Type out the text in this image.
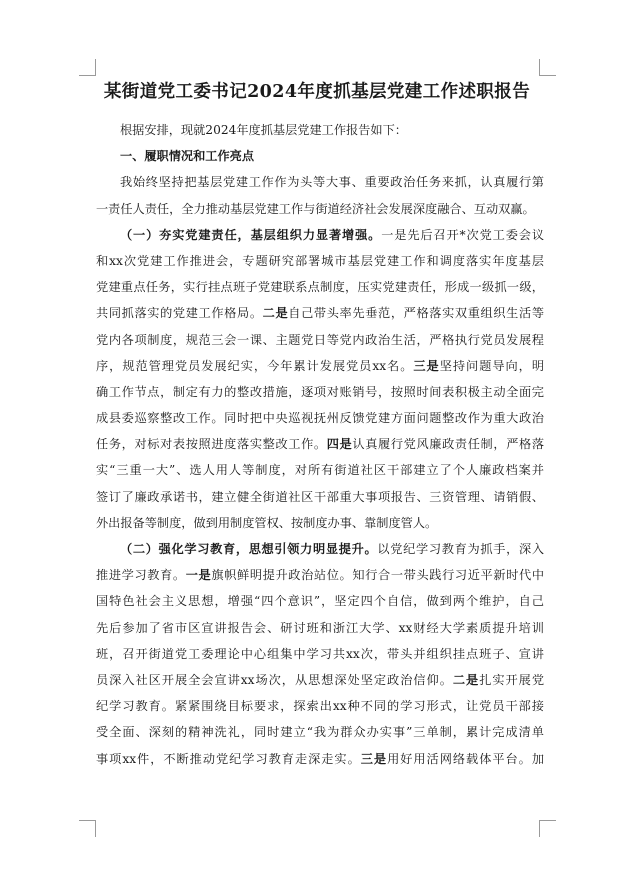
某街道党工委书记2024年度抓基层党建工作述职报告
根据安排，现就2024年度抓基层党建工作报告如下：
一、履职情况和工作亮点
我始终坚持把基层党建工作作为头等大事、重要政治任务来抓，认真履行第
一责任人责任，全力推动基层党建工作与街道经济社会发展深度融合、互动双赢。
（一）夯实党建责任，基层组织力显著增强。一是先后召开*次党工委会议
和xx次党建工作推进会，专题研究部署城市基层党建工作和调度落实年度基层
党建重点任务，实行挂点班子党建联系点制度，压实党建责任，形成一级抓一级，
共同抓落实的党建工作格局。二是自己带头率先垂范，严格落实双重组织生活等
党内各项制度，规范三会一课、主题党日等党内政治生活，严格执行党员发展程
序，规范管理党员发展纪实，今年累计发展党员xx名。三是坚持问题导向，明
确工作节点，制定有力的整改措施，逐项对账销号，按照时间表积极主动全面完
成县委巡察整改工作。同时把中央巡视抚州反馈党建方面问题整改作为重大政治
任务，对标对表按照进度落实整改工作。四是认真履行党风廉政责任制，严格落
实“三重一大”、选人用人等制度，对所有街道社区干部建立了个人廉政档案并
签订了廉政承诺书，建立健全街道社区干部重大事项报告、三资管理、请销假、
外出报备等制度，做到用制度管权、按制度办事、靠制度管人。
（二）强化学习教育，思想引领力明显提升。以党纪学习教育为抓手，深入
推进学习教育。一是旗帜鲜明提升政治站位。知行合一带头践行习近平新时代中
国特色社会主义思想，增强“四个意识”，坚定四个自信，做到两个维护，自己
先后参加了省市区宣讲报告会、研讨班和浙江大学、xx财经大学素质提升培训
班，召开街道党工委理论中心组集中学习共xx次，带头并组织挂点班子、宣讲
员深入社区开展全会宣讲xx场次，从思想深处坚定政治信仰。二是扎实开展党
纪学习教育。紧紧围绕目标要求，探索出xx种不同的学习形式，让党员干部接
受全面、深刻的精神洗礼，同时建立“我为群众办实事”三单制，累计完成清单
事项xx件，不断推动党纪学习教育走深走实。三是用好用活网络载体平台。加
